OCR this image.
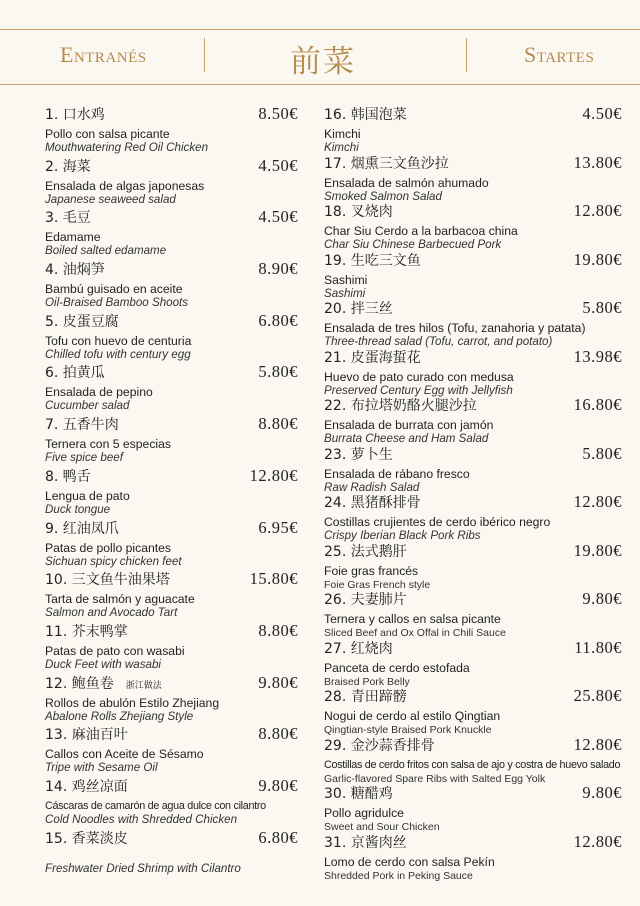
Entranés	前菜	Startes
1. 口水鸡	8.50€
Pollo con salsa picante
Mouthwatering Red Oil Chicken
2. 海菜	4.50€
Ensalada de algas japonesas
Japanese seaweed salad
3. 毛豆	4.50€
Edamame
Boiled salted edamame
4. 油焖笋	8.90€
Bambú guisado en aceite
Oil-Braised Bamboo Shoots
5. 皮蛋豆腐	6.80€
Tofu con huevo de centuria
Chilled tofu with century egg
6. 拍黄瓜	5.80€
Ensalada de pepino
Cucumber salad
7. 五香牛肉	8.80€
Ternera con 5 especias
Five spice beef
8. 鸭舌	12.80€
Lengua de pato
Duck tongue
9. 红油凤爪	6.95€
Patas de pollo picantes
Sichuan spicy chicken feet
10. 三文鱼牛油果塔	15.80€
Tarta de salmón y aguacate
Salmon and Avocado Tart
11. 芥末鸭掌	8.80€
Patas de pato con wasabi
Duck Feet with wasabi
12. 鲍鱼卷 浙江做法	9.80€
Rollos de abulón Estilo Zhejiang
Abalone Rolls Zhejiang Style
13. 麻油百叶	8.80€
Callos con Aceite de Sésamo
Tripe with Sesame Oil
14. 鸡丝凉面	9.80€
Cáscaras de camarón de agua dulce con cilantro
Cold Noodles with Shredded Chicken
15. 香菜淡皮	6.80€
Freshwater Dried Shrimp with Cilantro
16. 韩国泡菜	4.50€
Kimchi
Kimchi
17. 烟熏三文鱼沙拉	13.80€
Ensalada de salmón ahumado
Smoked Salmon Salad
18. 叉烧肉	12.80€
Char Siu Cerdo a la barbacoa china
Char Siu Chinese Barbecued Pork
19. 生吃三文鱼	19.80€
Sashimi
Sashimi
20. 拌三丝	5.80€
Ensalada de tres hilos (Tofu, zanahoria y patata)
Three-thread salad (Tofu, carrot, and potato)
21. 皮蛋海蜇花	13.98€
Huevo de pato curado con medusa
Preserved Century Egg with Jellyfish
22. 布拉塔奶酪火腿沙拉	16.80€
Ensalada de burrata con jamón
Burrata Cheese and Ham Salad
23. 萝卜生	5.80€
Ensalada de rábano fresco
Raw Radish Salad
24. 黑猪酥排骨	12.80€
Costillas crujientes de cerdo ibérico negro
Crispy Iberian Black Pork Ribs
25. 法式鹅肝	19.80€
Foie gras francés
Foie Gras French style
26. 夫妻肺片	9.80€
Ternera y callos en salsa picante
Sliced Beef and Ox Offal in Chili Sauce
27. 红烧肉	11.80€
Panceta de cerdo estofada
Braised Pork Belly
28. 青田蹄髈	25.80€
Nogui de cerdo al estilo Qingtian
Qingtian-style Braised Pork Knuckle
29. 金沙蒜香排骨	12.80€
Costillas de cerdo fritos con salsa de ajo y costra de huevo salado
Garlic-flavored Spare Ribs with Salted Egg Yolk
30. 糖醋鸡	9.80€
Pollo agridulce
Sweet and Sour Chicken
31. 京酱肉丝	12.80€
Lomo de cerdo con salsa Pekín
Shredded Pork in Peking Sauce
